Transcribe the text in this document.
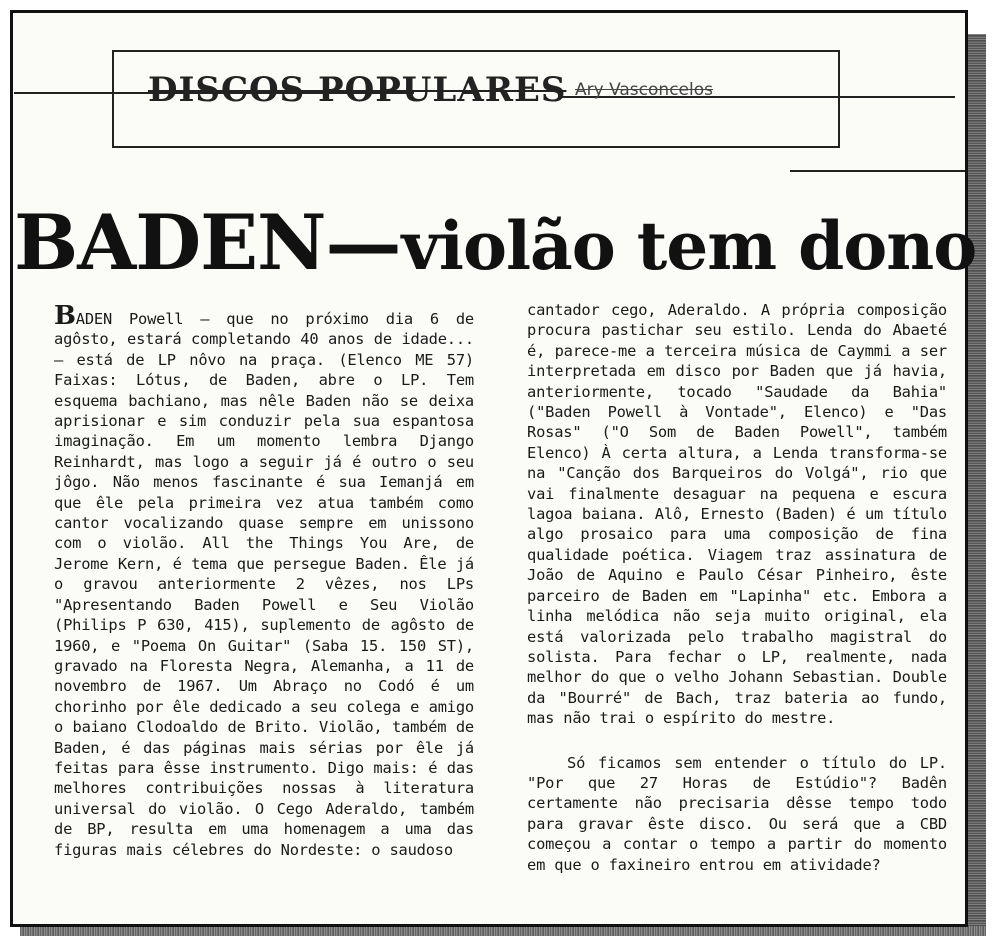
DISCOS POPULARES Ary Vasconcelos
BADEN—violão tem dono

BADEN Powell — que no próximo dia 6 de agôsto, estará completando 40 anos de idade... — está de LP nôvo na praça. (Elenco ME 57) Faixas: Lótus, de Baden, abre o LP. Tem esquema bachiano, mas nêle Baden não se deixa aprisionar e sim conduzir pela sua espantosa imaginação. Em um momento lembra Django Reinhardt, mas logo a seguir já é outro o seu jôgo. Não menos fascinante é sua Iemanjá em que êle pela primeira vez atua também como cantor vocalizando quase sempre em unissono com o violão. All the Things You Are, de Jerome Kern, é tema que persegue Baden. Êle já o gravou anteriormente 2 vêzes, nos LPs "Apresentando Baden Powell e Seu Violão (Philips P 630, 415), suplemento de agôsto de 1960, e "Poema On Guitar" (Saba 15. 150 ST), gravado na Floresta Negra, Alemanha, a 11 de novembro de 1967. Um Abraço no Codó é um chorinho por êle dedicado a seu colega e amigo o baiano Clodoaldo de Brito. Violão, também de Baden, é das páginas mais sérias por êle já feitas para êsse instrumento. Digo mais: é das melhores contribuições nossas à literatura universal do violão. O Cego Aderaldo, também de BP, resulta em uma homenagem a uma das figuras mais célebres do Nordeste: o saudoso

cantador cego, Aderaldo. A própria composição procura pastichar seu estilo. Lenda do Abaeté é, parece-me a terceira música de Caymmi a ser interpretada em disco por Baden que já havia, anteriormente, tocado "Saudade da Bahia" ("Baden Powell à Vontade", Elenco) e "Das Rosas" ("O Som de Baden Powell", também Elenco) À certa altura, a Lenda transforma-se na "Canção dos Barqueiros do Volgá", rio que vai finalmente desaguar na pequena e escura lagoa baiana. Alô, Ernesto (Baden) é um título algo prosaico para uma composição de fina qualidade poética. Viagem traz assinatura de João de Aquino e Paulo César Pinheiro, êste parceiro de Baden em "Lapinha" etc. Embora a linha melódica não seja muito original, ela está valorizada pelo trabalho magistral do solista. Para fechar o LP, realmente, nada melhor do que o velho Johann Sebastian. Double da "Bourré" de Bach, traz bateria ao fundo, mas não trai o espírito do mestre.

Só ficamos sem entender o título do LP. "Por que 27 Horas de Estúdio"? Badên certamente não precisaria dêsse tempo todo para gravar êste disco. Ou será que a CBD começou a contar o tempo a partir do momento em que o faxineiro entrou em atividade?
